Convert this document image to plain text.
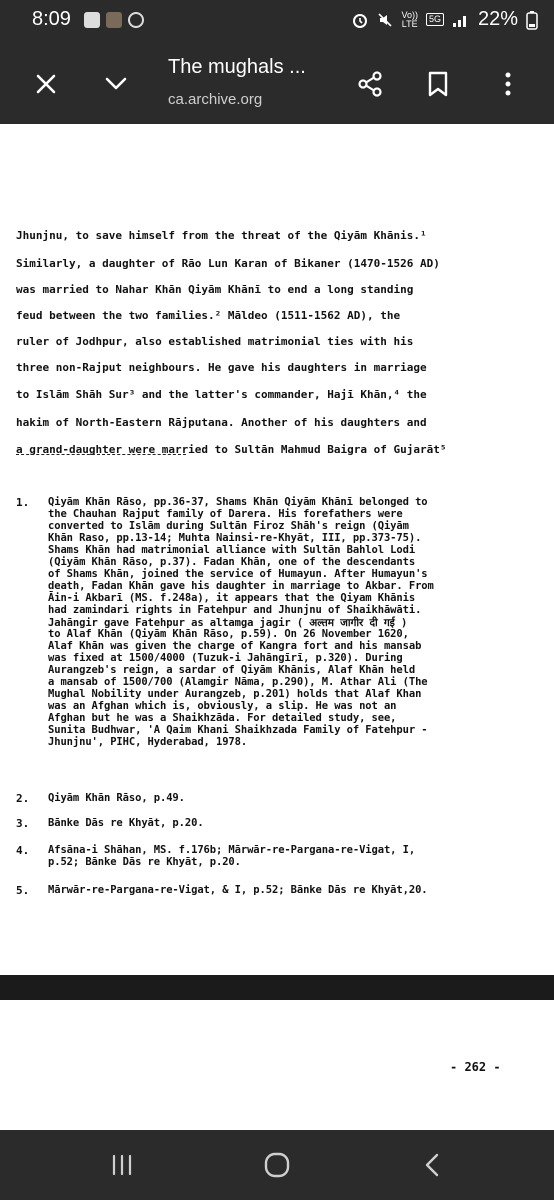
8:09	Vo))
LTE	5G 22%
The mughals ...
ca.archive.org
Jhunjnu, to save himself from the threat of the Qiyām Khānis.¹
Similarly, a daughter of Rāo Lun Karan of Bikaner (1470-1526 AD)
was married to Nahar Khān Qiyām Khānī to end a long standing
feud between the two families.² Māldeo (1511-1562 AD), the
ruler of Jodhpur, also established matrimonial ties with his
three non-Rajput neighbours. He gave his daughters in marriage
to Islām Shāh Sur³ and the latter's commander, Hajī Khān,⁴ the
hakim of North-Eastern Rājputana. Another of his daughters and
a grand-daughter were married to Sultān Mahmud Baigra of Gujarāt⁵
1. Qiyām Khān Rāso, pp.36-37, Shams Khān Qiyām Khānī belonged to
the Chauhan Rajput family of Darera. His forefathers were
converted to Islām during Sultān Firoz Shāh's reign (Qiyām
Khān Raso, pp.13-14; Muhta Nainsi-re-Khyāt, III, pp.373-75).
Shams Khān had matrimonial alliance with Sultān Bahlol Lodi
(Qiyām Khān Rāso, p.37). Fadan Khān, one of the descendants
of Shams Khān, joined the service of Humayun. After Humayun's
death, Fadan Khān gave his daughter in marriage to Akbar. From
Āin-i Akbarī (MS. f.248a), it appears that the Qiyam Khānis
had zamindari rights in Fatehpur and Jhunjnu of Shaikhāwāti.
Jahāngir gave Fatehpur as altamga jagir ( अल्तम जागीर दी गई )
to Alaf Khān (Qiyām Khān Rāso, p.59). On 26 November 1620,
Alaf Khān was given the charge of Kangra fort and his mansab
was fixed at 1500/4000 (Tuzuk-i Jahāngīrī, p.320). During
Aurangzeb's reign, a sardar of Qiyām Khānis, Alaf Khān held
a mansab of 1500/700 (Alamgir Nāma, p.290), M. Athar Ali (The
Mughal Nobility under Aurangzeb, p.201) holds that Alaf Khan
was an Afghan which is, obviously, a slip. He was not an
Afghan but he was a Shaikhzāda. For detailed study, see,
Sunita Budhwar, 'A Qaim Khani Shaikhzada Family of Fatehpur -
Jhunjnu', PIHC, Hyderabad, 1978.
2. Qiyām Khān Rāso, p.49.
3. Bānke Dās re Khyāt, p.20.
4. Afsāna-i Shāhan, MS. f.176b; Mārwār-re-Pargana-re-Vigat, I,
p.52; Bānke Dās re Khyāt, p.20.
5. Mārwār-re-Pargana-re-Vigat, & I, p.52; Bānke Dās re Khyāt,20.
- 262 -
